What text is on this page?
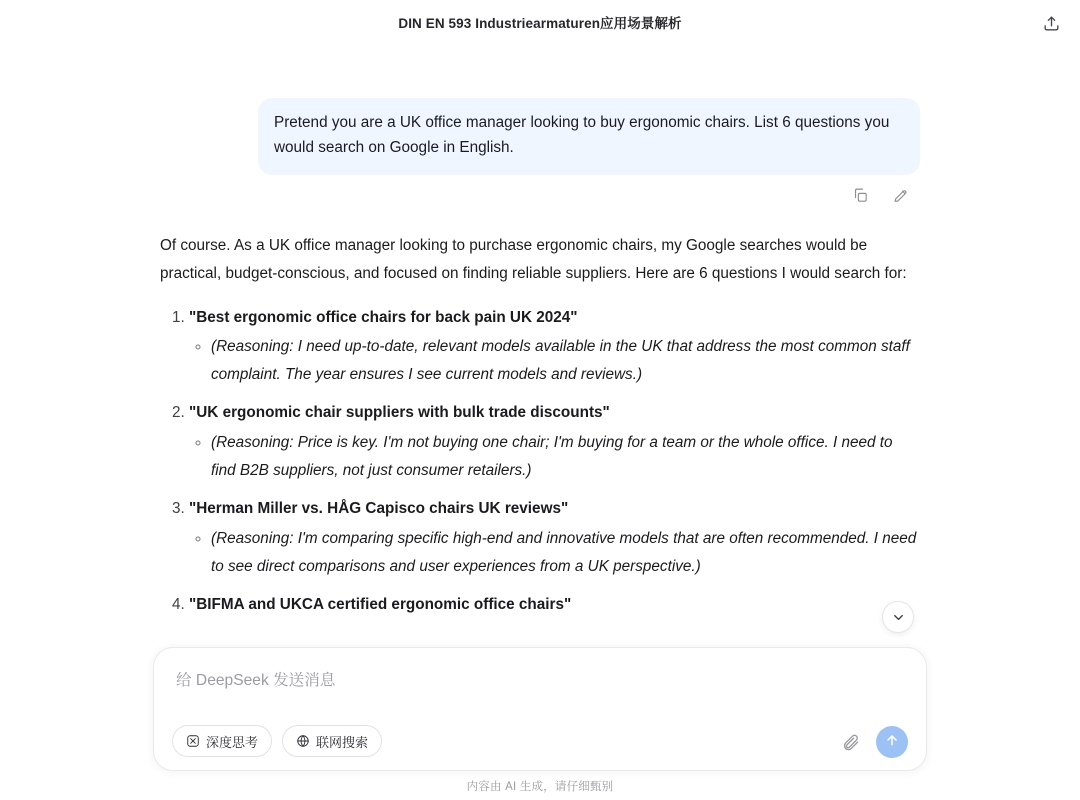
DIN EN 593 Industriearmaturen应用场景解析
Pretend you are a UK office manager looking to buy ergonomic chairs. List 6 questions you would search on Google in English.

Of course. As a UK office manager looking to purchase ergonomic chairs, my Google searches would be practical, budget-conscious, and focused on finding reliable suppliers. Here are 6 questions I would search for:

1. "Best ergonomic office chairs for back pain UK 2024"
◦ (Reasoning: I need up-to-date, relevant models available in the UK that address the most common staff complaint. The year ensures I see current models and reviews.)
2. "UK ergonomic chair suppliers with bulk trade discounts"
◦ (Reasoning: Price is key. I'm not buying one chair; I'm buying for a team or the whole office. I need to find B2B suppliers, not just consumer retailers.)
3. "Herman Miller vs. HÅG Capisco chairs UK reviews"
◦ (Reasoning: I'm comparing specific high-end and innovative models that are often recommended. I need to see direct comparisons and user experiences from a UK perspective.)
4. "BIFMA and UKCA certified ergonomic office chairs"
给 DeepSeek 发送消息
深度思考	联网搜索
内容由 AI 生成，请仔细甄别
